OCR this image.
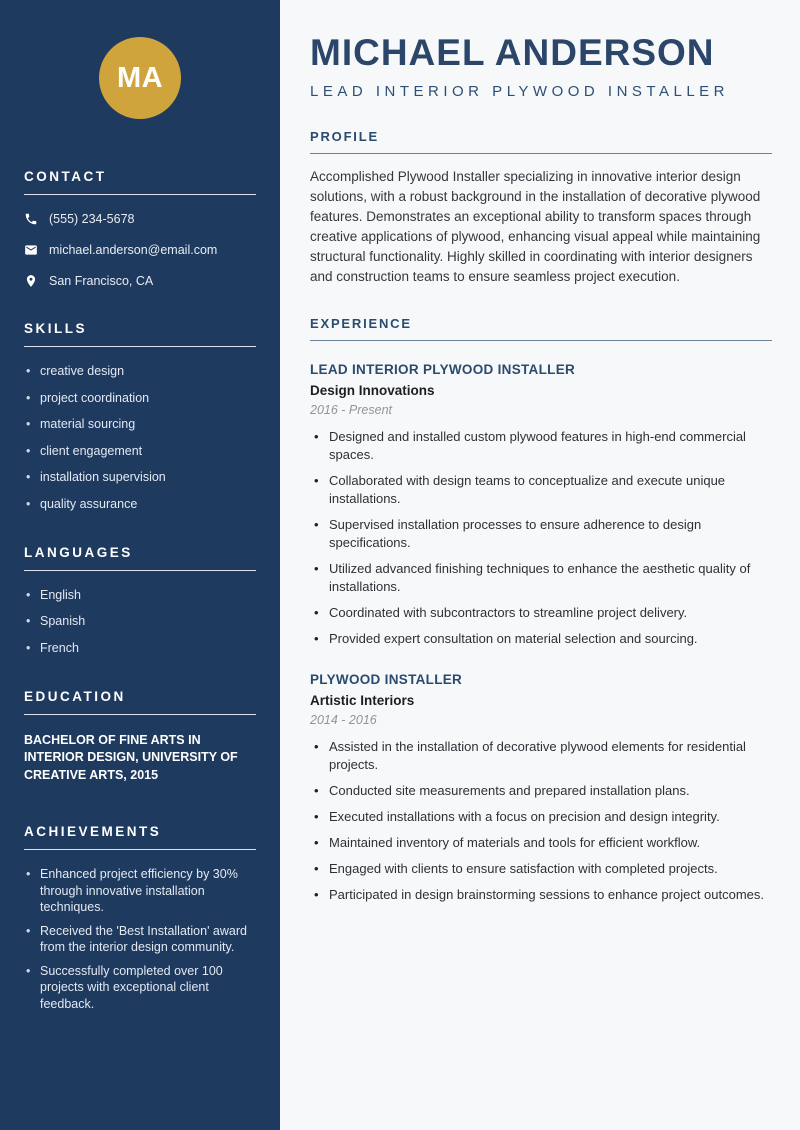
MA
CONTACT
(555) 234-5678
michael.anderson@email.com
San Francisco, CA
SKILLS
• creative design
• project coordination
• material sourcing
• client engagement
• installation supervision
• quality assurance
LANGUAGES
• English
• Spanish
• French
EDUCATION

BACHELOR OF FINE ARTS IN INTERIOR DESIGN, UNIVERSITY OF CREATIVE ARTS, 2015

ACHIEVEMENTS
• Enhanced project efficiency by 30% through innovative installation techniques.
• Received the 'Best Installation' award from the interior design community.
• Successfully completed over 100 projects with exceptional client feedback.
MICHAEL ANDERSON
LEAD INTERIOR PLYWOOD INSTALLER
PROFILE

Accomplished Plywood Installer specializing in innovative interior design solutions, with a robust background in the installation of decorative plywood features. Demonstrates an exceptional ability to transform spaces through creative applications of plywood, enhancing visual appeal while maintaining structural functionality. Highly skilled in coordinating with interior designers and construction teams to ensure seamless project execution.

EXPERIENCE
LEAD INTERIOR PLYWOOD INSTALLER
Design Innovations
2016 - Present
• Designed and installed custom plywood features in high-end commercial spaces.
• Collaborated with design teams to conceptualize and execute unique installations.
• Supervised installation processes to ensure adherence to design specifications.
• Utilized advanced finishing techniques to enhance the aesthetic quality of installations.
• Coordinated with subcontractors to streamline project delivery.
• Provided expert consultation on material selection and sourcing.
PLYWOOD INSTALLER
Artistic Interiors
2014 - 2016
• Assisted in the installation of decorative plywood elements for residential projects.
• Conducted site measurements and prepared installation plans.
• Executed installations with a focus on precision and design integrity.
• Maintained inventory of materials and tools for efficient workflow.
• Engaged with clients to ensure satisfaction with completed projects.
• Participated in design brainstorming sessions to enhance project outcomes.
